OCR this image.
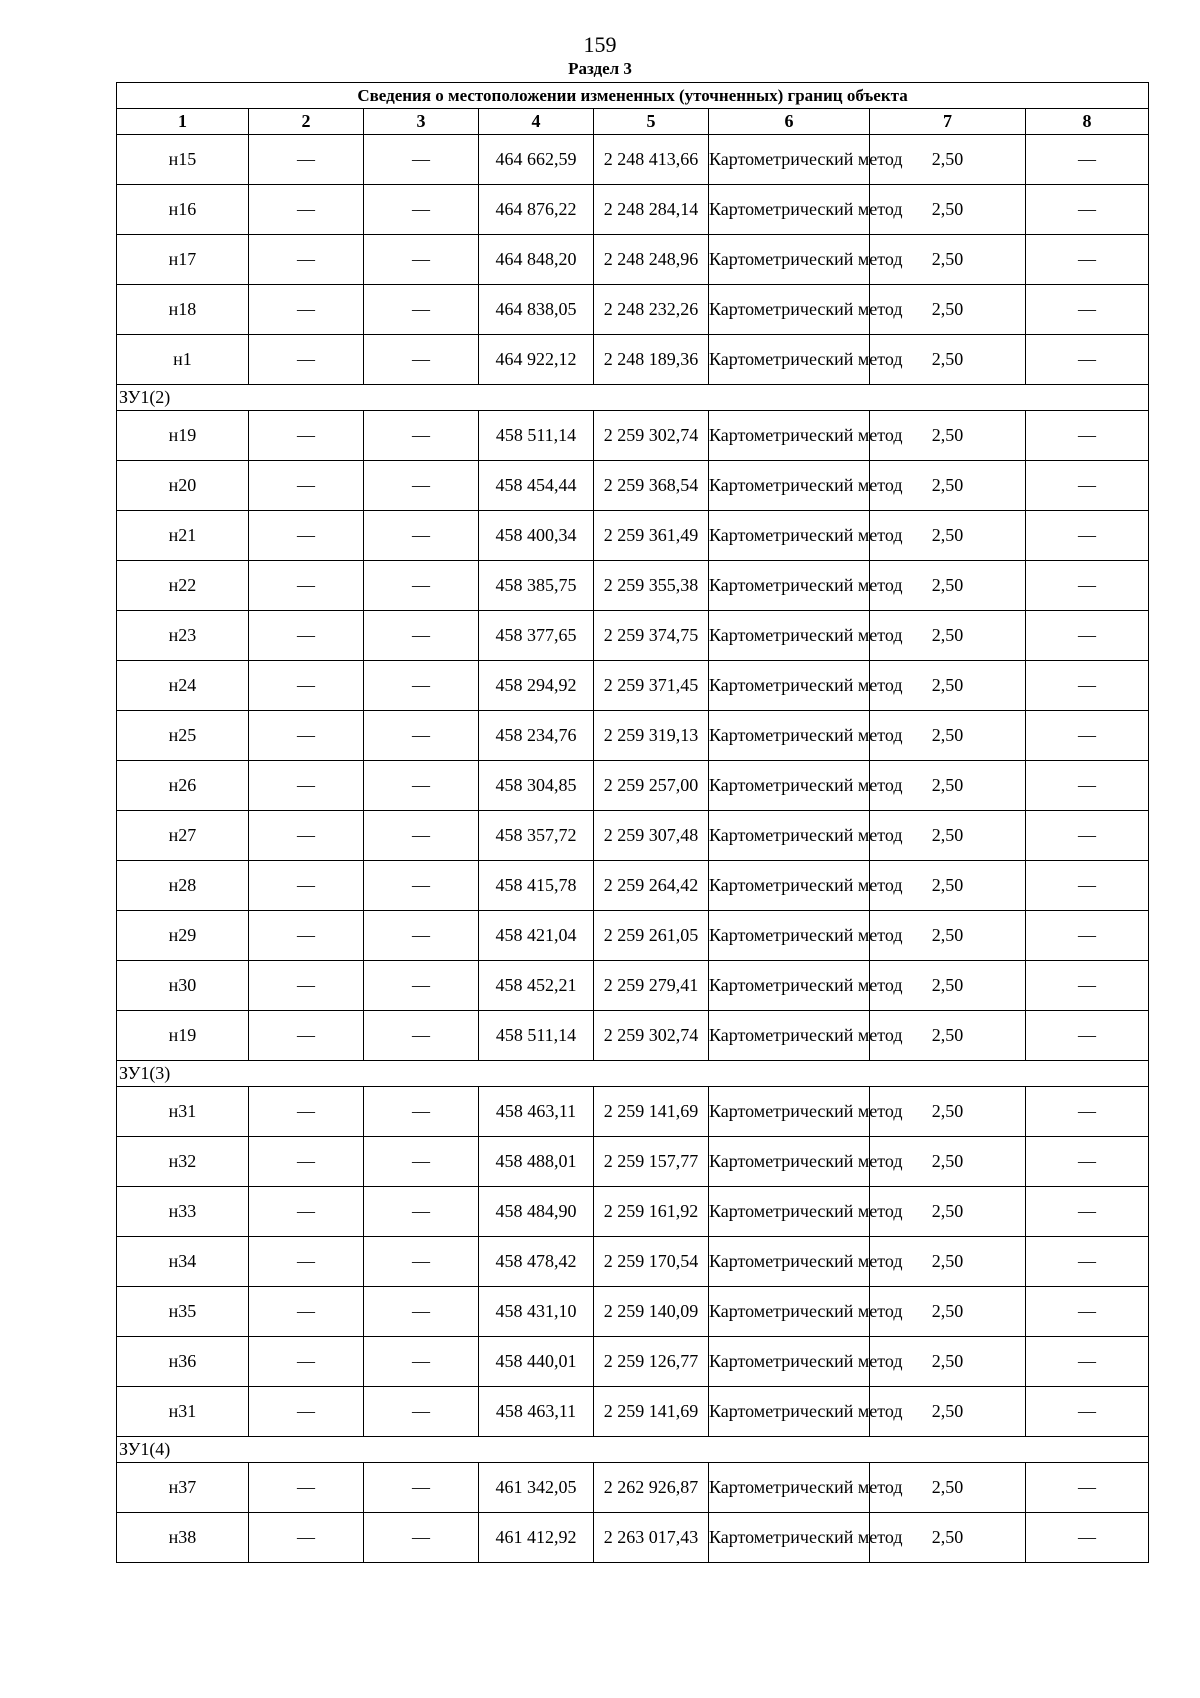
159
Раздел 3
Сведения о местоположении измененных (уточненных) границ объекта							
1	2	3	4	5	6	7	8
н15	—	—	464 662,59	2 248 413,66	Картометрический метод	2,50	—
н16	—	—	464 876,22	2 248 284,14	Картометрический метод	2,50	—
н17	—	—	464 848,20	2 248 248,96	Картометрический метод	2,50	—
н18	—	—	464 838,05	2 248 232,26	Картометрический метод	2,50	—
н1	—	—	464 922,12	2 248 189,36	Картометрический метод	2,50	—
ЗУ1(2)							
н19	—	—	458 511,14	2 259 302,74	Картометрический метод	2,50	—
н20	—	—	458 454,44	2 259 368,54	Картометрический метод	2,50	—
н21	—	—	458 400,34	2 259 361,49	Картометрический метод	2,50	—
н22	—	—	458 385,75	2 259 355,38	Картометрический метод	2,50	—
н23	—	—	458 377,65	2 259 374,75	Картометрический метод	2,50	—
н24	—	—	458 294,92	2 259 371,45	Картометрический метод	2,50	—
н25	—	—	458 234,76	2 259 319,13	Картометрический метод	2,50	—
н26	—	—	458 304,85	2 259 257,00	Картометрический метод	2,50	—
н27	—	—	458 357,72	2 259 307,48	Картометрический метод	2,50	—
н28	—	—	458 415,78	2 259 264,42	Картометрический метод	2,50	—
н29	—	—	458 421,04	2 259 261,05	Картометрический метод	2,50	—
н30	—	—	458 452,21	2 259 279,41	Картометрический метод	2,50	—
н19	—	—	458 511,14	2 259 302,74	Картометрический метод	2,50	—
ЗУ1(3)							
н31	—	—	458 463,11	2 259 141,69	Картометрический метод	2,50	—
н32	—	—	458 488,01	2 259 157,77	Картометрический метод	2,50	—
н33	—	—	458 484,90	2 259 161,92	Картометрический метод	2,50	—
н34	—	—	458 478,42	2 259 170,54	Картометрический метод	2,50	—
н35	—	—	458 431,10	2 259 140,09	Картометрический метод	2,50	—
н36	—	—	458 440,01	2 259 126,77	Картометрический метод	2,50	—
н31	—	—	458 463,11	2 259 141,69	Картометрический метод	2,50	—
ЗУ1(4)							
н37	—	—	461 342,05	2 262 926,87	Картометрический метод	2,50	—
н38	—	—	461 412,92	2 263 017,43	Картометрический метод	2,50	—
